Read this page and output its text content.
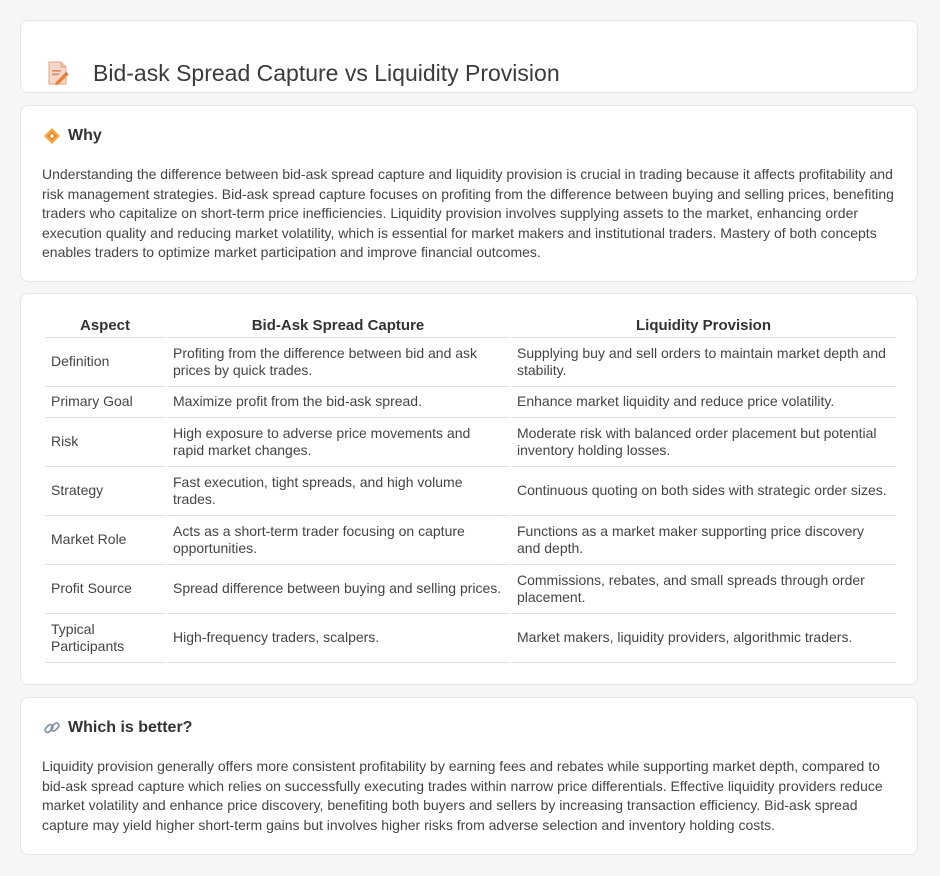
Bid-ask Spread Capture vs Liquidity Provision
Why

Understanding the difference between bid-ask spread capture and liquidity provision is crucial in trading because it affects profitability and risk management strategies. Bid-ask spread capture focuses on profiting from the difference between buying and selling prices, benefiting traders who capitalize on short-term price inefficiencies. Liquidity provision involves supplying assets to the market, enhancing order execution quality and reducing market volatility, which is essential for market makers and institutional traders. Mastery of both concepts enables traders to optimize market participation and improve financial outcomes.

Aspect	Bid-Ask Spread Capture	Liquidity Provision
Definition	Profiting from the difference between bid and ask prices by quick trades.	Supplying buy and sell orders to maintain market depth and stability.
Primary Goal	Maximize profit from the bid-ask spread.	Enhance market liquidity and reduce price volatility.
Risk	High exposure to adverse price movements and rapid market changes.	Moderate risk with balanced order placement but potential inventory holding losses.
Strategy	Fast execution, tight spreads, and high volume trades.	Continuous quoting on both sides with strategic order sizes.
Market Role	Acts as a short-term trader focusing on capture opportunities.	Functions as a market maker supporting price discovery and depth.
Profit Source	Spread difference between buying and selling prices.	Commissions, rebates, and small spreads through order placement.
Typical Participants	High-frequency traders, scalpers.	Market makers, liquidity providers, algorithmic traders.
Which is better?

Liquidity provision generally offers more consistent profitability by earning fees and rebates while supporting market depth, compared to bid-ask spread capture which relies on successfully executing trades within narrow price differentials. Effective liquidity providers reduce market volatility and enhance price discovery, benefiting both buyers and sellers by increasing transaction efficiency. Bid-ask spread capture may yield higher short-term gains but involves higher risks from adverse selection and inventory holding costs.
